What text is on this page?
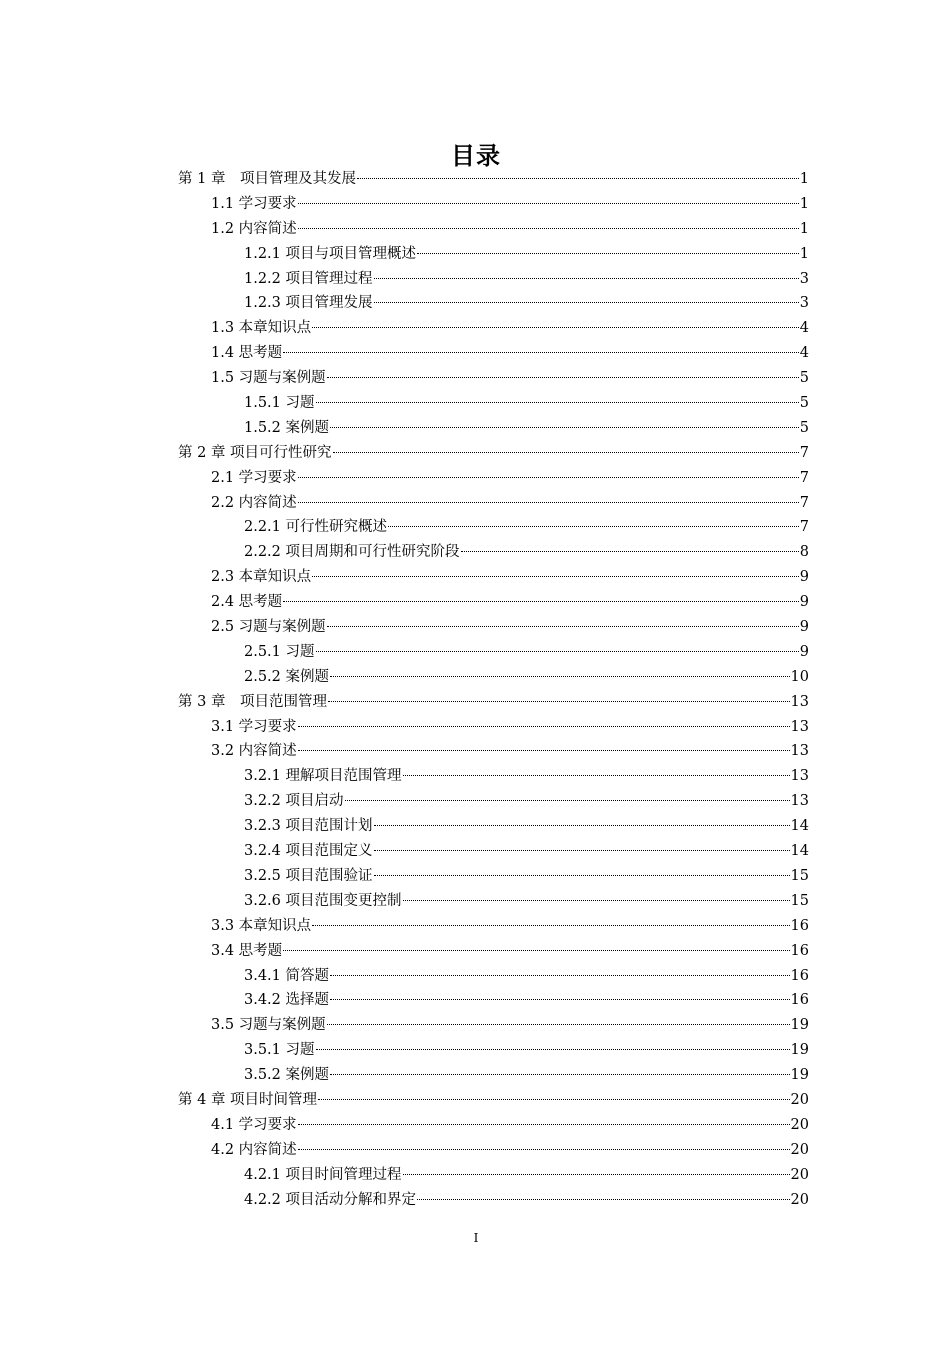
目录
第 1 章　项目管理及其发展	1
1.1 学习要求	1
1.2 内容简述	1
1.2.1 项目与项目管理概述	1
1.2.2 项目管理过程	3
1.2.3 项目管理发展	3
1.3 本章知识点	4
1.4 思考题	4
1.5 习题与案例题	5
1.5.1 习题	5
1.5.2 案例题	5
第 2 章 项目可行性研究	7
2.1 学习要求	7
2.2 内容简述	7
2.2.1 可行性研究概述	7
2.2.2 项目周期和可行性研究阶段	8
2.3 本章知识点	9
2.4 思考题	9
2.5 习题与案例题	9
2.5.1 习题	9
2.5.2 案例题	10
第 3 章　项目范围管理	13
3.1 学习要求	13
3.2 内容简述	13
3.2.1 理解项目范围管理	13
3.2.2 项目启动	13
3.2.3 项目范围计划	14
3.2.4 项目范围定义	14
3.2.5 项目范围验证	15
3.2.6 项目范围变更控制	15
3.3 本章知识点	16
3.4 思考题	16
3.4.1 简答题	16
3.4.2 选择题	16
3.5 习题与案例题	19
3.5.1 习题	19
3.5.2 案例题	19
第 4 章 项目时间管理	20
4.1 学习要求	20
4.2 内容简述	20
4.2.1 项目时间管理过程	20
4.2.2 项目活动分解和界定	20
I
